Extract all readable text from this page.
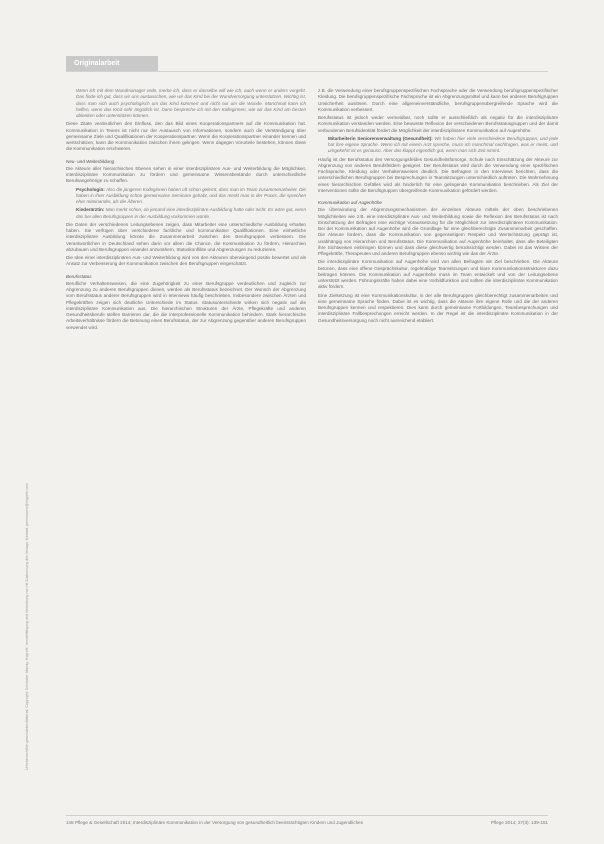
Originalarbeit
Urheberrechtlich geschütztes Material. Copyright: Schüssler, Mandy, Hogrefe. Vervielfältigung und Verbreitung nur mit Zustimmung des Verlags. Kontakt: permissions@hogrefe.com
Wenn ich mit dem Wundmanager rede, merke ich, dass er dasselbe will wie ich, auch wenn er anders vorgeht. Das finde ich gut, dass wir uns austauschen, wie wir das Kind bei der Wundversorgung unterstützen. Wichtig ist, dass man sich auch psychologisch um das Kind kümmert und nicht nur um die Wunde. Manchmal kann ich helfen, wenn das Kind sehr ängstlich ist. Dann bespreche ich mit den Kolleginnen, wie wir das Kind am besten ablenken oder unterstützen können.
Diese Zitate verdeutlichen den Einfluss, den das Bild eines Kooperationspartners auf die Kommunikation hat. Kommunikation in Teams ist nicht nur der Austausch von Informationen, sondern auch die Verständigung über gemeinsame Ziele und Qualifikationen der Kooperationspartner. Wenn die Kooperationspartner einander kennen und wertschätzen, kann die Kommunikation zwischen ihnen gelingen. Wenn dagegen Vorurteile bestehen, können diese die Kommunikation erschweren.
Neu- und Weiterbildung
Die Akteure aller hierarchischen Ebenen sehen in einer interdisziplinären Aus- und Weiterbildung die Möglichkeit, interdisziplinäre Kommunikation zu fördern und gemeinsame Wissensbestände durch unterschiedliche Berufsangehörige zu schaffen.
Psychologin: Also die jüngeren Kolleginnen haben oft schon gelernt, dass man im Team zusammenarbeitet. Die haben in ihrer Ausbildung schon gemeinsame Seminare gehabt, und das merkt man in der Praxis, die sprechen eher miteinander, als die Älteren.
Kinderärztin: Man merkt schon, ob jemand eine interdisziplinäre Ausbildung hatte oder nicht. Es wäre gut, wenn das bei allen Berufsgruppen in der Ausbildung vorkommen würde.
Die Daten der verschiedenen Leitungsebenen zeigen, dass Mitarbeiter eine unterschiedliche Ausbildung erhalten haben. Sie verfügen über verschiedene fachliche und kommunikative Qualifikationen. Eine einheitliche interdisziplinäre Ausbildung könnte die Zusammenarbeit zwischen den Berufsgruppen verbessern. Die Verantwortlichen in Deutschland sehen darin vor allem die Chance, die Kommunikation zu fördern, Hierarchien abzubauen und Berufsgruppen einander anzunähern, Statuskonflikte und Abgrenzungen zu reduzieren.
Die Idee einer interdisziplinären Aus- und Weiterbildung wird von den Akteuren überwiegend positiv bewertet und als Ansatz zur Verbesserung der Kommunikation zwischen den Berufsgruppen eingeschätzt.
Berufsstatus
Berufliche Verhaltensweisen, die eine Zugehörigkeit zu einer Berufsgruppe verdeutlichen und zugleich zur Abgrenzung zu anderen Berufsgruppen dienen, werden als Berufsstatus bezeichnet. Der Wunsch der Abgrenzung vom Berufsstatus anderer Berufsgruppen wird in Interviews häufig beschrieben. Insbesondere zwischen Ärzten und Pflegekräften zeigen sich deutliche Unterschiede im Status. Statusunterschiede wirken sich negativ auf die interdisziplinäre Kommunikation aus. Die hierarchischen Strukturen der Ärzte, Pflegekräfte und anderen Gesundheitsberufe stellen Barrieren dar, die die interprofessionelle Kommunikation behindern. Stark hierarchische Arbeitsverhältnisse fördern die Betonung eines Berufsstatus, der zur Abgrenzung gegenüber anderen Berufsgruppen verwendet wird.
z.B. die Verwendung einer berufsgruppenspezifischen Fachsprache oder die Verwendung berufsgruppenspezifischer Kleidung. Die berufsgruppenspezifische Fachsprache ist ein Abgrenzungsmittel und kann bei anderen Berufsgruppen Unsicherheit auslösen. Durch eine allgemeinverständliche, berufsgruppenübergreifende Sprache wird die Kommunikation verbessert.
Berufsstatus ist jedoch weder vermeidbar, noch sollte er ausschließlich als negativ für die interdisziplinäre Kommunikation verstanden werden. Eine bewusste Reflexion der verschiedenen Berufsstatusgruppen und der damit verbundenen Berufsidentität fördert die Möglichkeit der interdisziplinären Kommunikation auf Augenhöhe.
Mitarbeiterin Seniorenverwaltung (Gesundheit): Wir haben hier viele verschiedene Berufsgruppen, und jede hat ihre eigene Sprache. Wenn ich mit einem Arzt spreche, muss ich manchmal nachfragen, was er meint, und umgekehrt ist es genauso. Aber das klappt eigentlich gut, wenn man sich Zeit nimmt.
Häufig ist der Berufsstatus des Versorgungsfeldes Gesundheitsfürsorge, Schule nach Einschätzung der Akteure zur Abgrenzung von anderen Berufsfeldern geeignet. Der Berufsstatus wird durch die Verwendung einer spezifischen Fachsprache, Kleidung oder Verhaltensweisen deutlich. Die Befragten in den Interviews berichten, dass die unterschiedlichen Berufsgruppen bei Besprechungen in Teamsitzungen unterschiedlich auftreten. Die Wahrnehmung eines hierarchischen Gefälles wird als hinderlich für eine gelingende Kommunikation beschrieben. Als Ziel der Interventionen sollte die Berufsgruppen übergreifende Kommunikation gefördert werden.
Kommunikation auf Augenhöhe
Die Überwindung der Abgrenzungsmechanismen der einzelnen Akteure mittels der oben beschriebenen Möglichkeiten wie z.B. eine interdisziplinäre Aus- und Weiterbildung sowie die Reflexion des Berufsstatus ist nach Einschätzung der Befragten eine wichtige Voraussetzung für die Möglichkeit zur interdisziplinären Kommunikation. Bei der Kommunikation auf Augenhöhe wird die Grundlage für eine gleichberechtigte Zusammenarbeit geschaffen. Die Akteure fordern, dass die Kommunikation von gegenseitigem Respekt und Wertschätzung geprägt ist, unabhängig von Hierarchien und Berufsstatus. Die Kommunikation auf Augenhöhe beinhaltet, dass alle Beteiligten ihre Sichtweisen einbringen können und dass diese gleichwertig berücksichtigt werden. Dabei ist das Wissen der Pflegekräfte, Therapeuten und anderen Berufsgruppen ebenso wichtig wie das der Ärzte.
Die interdisziplinäre Kommunikation auf Augenhöhe wird von allen Befragten als Ziel beschrieben. Die Akteure betonen, dass eine offene Gesprächskultur, regelmäßige Teamsitzungen und klare Kommunikationsstrukturen dazu beitragen können. Die Kommunikation auf Augenhöhe muss im Team entwickelt und von der Leitungsebene unterstützt werden. Führungskräfte haben dabei eine Vorbildfunktion und sollten die interdisziplinäre Kommunikation aktiv fördern.
Eine Zielsetzung ist eine Kommunikationskultur, in der alle Berufsgruppen gleichberechtigt zusammenarbeiten und eine gemeinsame Sprache finden. Dabei ist es wichtig, dass die Akteure ihre eigene Rolle und die der anderen Berufsgruppen kennen und respektieren. Dies kann durch gemeinsame Fortbildungen, Teambesprechungen und interdisziplinäre Fallbesprechungen erreicht werden. In der Regel ist die interdisziplinäre Kommunikation in der Gesundheitsversorgung noch nicht ausreichend etabliert.
148 Pflege & Gesellschaft 2014; Interdisziplinäre Kommunikation in der Versorgung von gesundheitlich beeinträchtigten Kindern und Jugendlichen	Pflege 2014; 27(3): 139-151
